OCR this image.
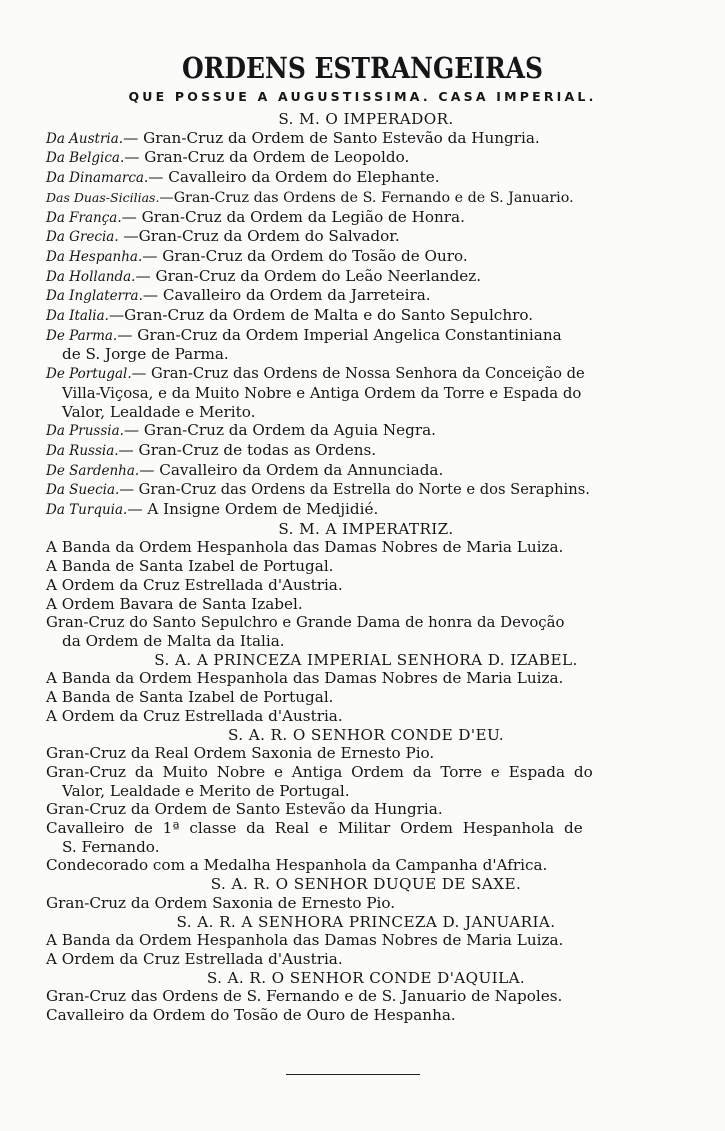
ORDENS ESTRANGEIRAS
QUE POSSUE A AUGUSTISSIMA. CASA IMPERIAL.
S. M. O IMPERADOR.
Da Austria.— Gran-Cruz da Ordem de Santo Estevão da Hungria.
Da Belgica.— Gran-Cruz da Ordem de Leopoldo.
Da Dinamarca.— Cavalleiro da Ordem do Elephante.
Das Duas-Sicilias.—Gran-Cruz das Ordens de S. Fernando e de S. Januario.
Da França.— Gran-Cruz da Ordem da Legião de Honra.
Da Grecia. —Gran-Cruz da Ordem do Salvador.
Da Hespanha.— Gran-Cruz da Ordem do Tosão de Ouro.
Da Hollanda.— Gran-Cruz da Ordem do Leão Neerlandez.
Da Inglaterra.— Cavalleiro da Ordem da Jarreteira.
Da Italia.—Gran-Cruz da Ordem de Malta e do Santo Sepulchro.
De Parma.— Gran-Cruz da Ordem Imperial Angelica Constantiniana
de S. Jorge de Parma.
De Portugal.— Gran-Cruz das Ordens de Nossa Senhora da Conceição de
Villa-Viçosa, e da Muito Nobre e Antiga Ordem da Torre e Espada do
Valor, Lealdade e Merito.
Da Prussia.— Gran-Cruz da Ordem da Aguia Negra.
Da Russia.— Gran-Cruz de todas as Ordens.
De Sardenha.— Cavalleiro da Ordem da Annunciada.
Da Suecia.— Gran-Cruz das Ordens da Estrella do Norte e dos Seraphins.
Da Turquia.— A Insigne Ordem de Medjidié.
S. M. A IMPERATRIZ.
A Banda da Ordem Hespanhola das Damas Nobres de Maria Luiza.
A Banda de Santa Izabel de Portugal.
A Ordem da Cruz Estrellada d'Austria.
A Ordem Bavara de Santa Izabel.
Gran-Cruz do Santo Sepulchro e Grande Dama de honra da Devoção
da Ordem de Malta da Italia.
S. A. A PRINCEZA IMPERIAL SENHORA D. IZABEL.
A Banda da Ordem Hespanhola das Damas Nobres de Maria Luiza.
A Banda de Santa Izabel de Portugal.
A Ordem da Cruz Estrellada d'Austria.
S. A. R. O SENHOR CONDE D'EU.
Gran-Cruz da Real Ordem Saxonia de Ernesto Pio.
Gran-Cruz da Muito Nobre e Antiga Ordem da Torre e Espada do
Valor, Lealdade e Merito de Portugal.
Gran-Cruz da Ordem de Santo Estevão da Hungria.
Cavalleiro de 1ª classe da Real e Militar Ordem Hespanhola de
S. Fernando.
Condecorado com a Medalha Hespanhola da Campanha d'Africa.
S. A. R. O SENHOR DUQUE DE SAXE.
Gran-Cruz da Ordem Saxonia de Ernesto Pio.
S. A. R. A SENHORA PRINCEZA D. JANUARIA.
A Banda da Ordem Hespanhola das Damas Nobres de Maria Luiza.
A Ordem da Cruz Estrellada d'Austria.
S. A. R. O SENHOR CONDE D'AQUILA.
Gran-Cruz das Ordens de S. Fernando e de S. Januario de Napoles.
Cavalleiro da Ordem do Tosão de Ouro de Hespanha.
